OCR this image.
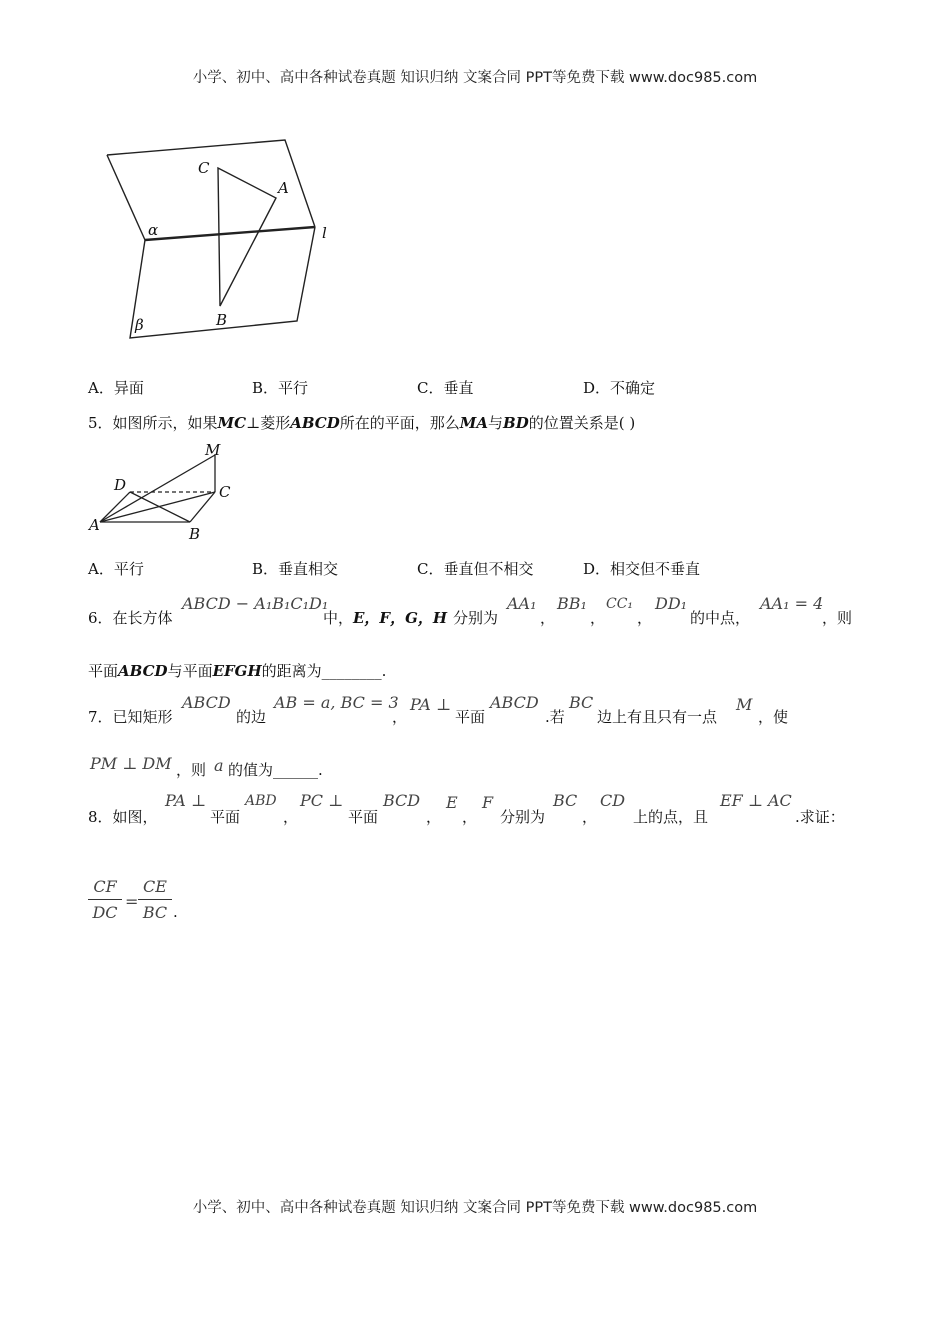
小学、初中、高中各种试卷真题 知识归纳 文案合同 PPT等免费下载 www.doc985.com
C
A
α	l
β	B
A．异面	B．平行	C．垂直	D．不确定
5．如图所示，如果MC⊥菱形ABCD所在的平面，那么MA与BD的位置关系是( )
M
D	C
A	B
A．平行	B．垂直相交	C．垂直但不相交	D．相交但不垂直
6．在长方体
ABCD − A₁B₁C₁D₁
中， E，F，G，H 分别为
AA₁
，
BB₁
，
CC₁
，
DD₁
的中点，
AA₁ = 4
，则
平面ABCD与平面EFGH的距离为________.
7．已知矩形
ABCD
的边
AB = a, BC = 3
，
PA ⊥
平面
ABCD
.若
BC
边上有且只有一点
M
，使
PM ⊥ DM ，则 a 的值为______.
8．如图，
PA ⊥
平面
ABD
，
PC ⊥
平面
BCD
，
E
，
F
分别为
BC
，
CD
上的点，且
EF ⊥ AC
.求证：
CF
DC
=
CE
BC .
小学、初中、高中各种试卷真题 知识归纳 文案合同 PPT等免费下载 www.doc985.com
